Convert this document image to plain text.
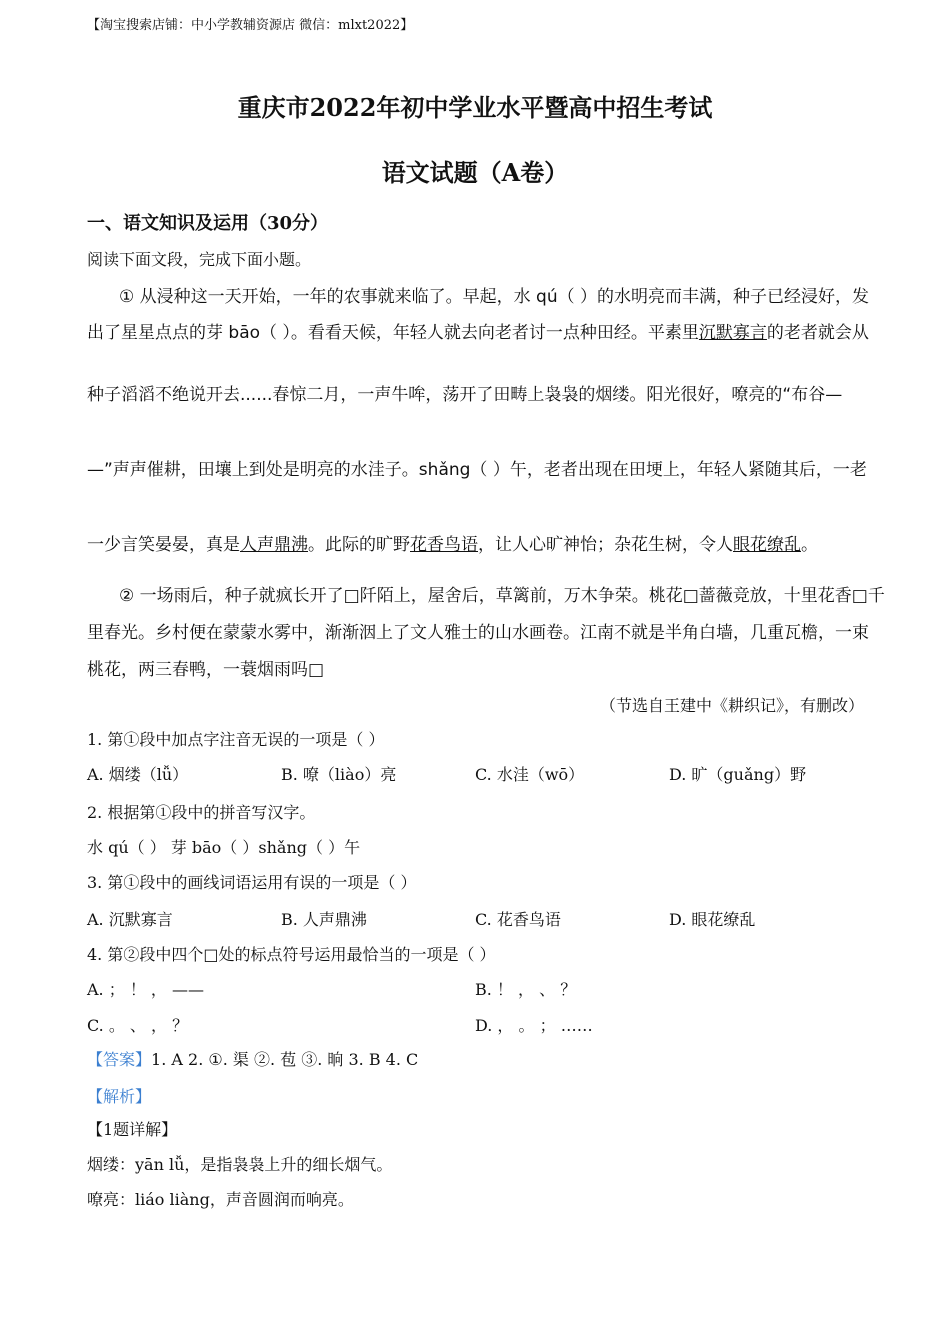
【淘宝搜索店铺：中小学教辅资源店 微信：mlxt2022】
重庆市2022年初中学业水平暨高中招生考试
语文试题（A卷）
一、语文知识及运用（30分）
阅读下面文段，完成下面小题。
① 从浸种这一天开始，一年的农事就来临了。早起，水 qú（ ）的水明亮而丰满，种子已经浸好，发
出了星星点点的芽 bāo（ ）。看看天候，年轻人就去向老者讨一点种田经。平素里沉默寡言的老者就会从
种子滔滔不绝说开去......春惊二月，一声牛哞，荡开了田畴上袅袅的烟缕。阳光很好，嘹亮的“布谷—
—”声声催耕，田壤上到处是明亮的水洼子。shǎng（ ）午，老者出现在田埂上，年轻人紧随其后，一老
一少言笑晏晏，真是人声鼎沸。此际的旷野花香鸟语，让人心旷神怡；杂花生树，令人眼花缭乱。
② 一场雨后，种子就疯长开了□阡陌上，屋舍后，草篱前，万木争荣。桃花□蔷薇竞放，十里花香□千
里春光。乡村便在蒙蒙水雾中，渐渐洇上了文人雅士的山水画卷。江南不就是半角白墙，几重瓦檐，一束
桃花，两三春鸭，一蓑烟雨吗□
（节选自王建中《耕织记》，有删改）
1. 第①段中加点字注音无误的一项是（ ）
A. 烟缕（lǚ）	B. 嘹（liào）亮	C. 水洼（wō）	D. 旷（guǎng）野
2. 根据第①段中的拼音写汉字。
水 qú（ ） 芽 bāo（ ）shǎng（ ）午
3. 第①段中的画线词语运用有误的一项是（ ）
A. 沉默寡言	B. 人声鼎沸	C. 花香鸟语	D. 眼花缭乱
4. 第②段中四个□处的标点符号运用最恰当的一项是（ ）
A. ； ！ ， ——	B. ！ ， 、 ？
C. 。 、 ， ？	D. ， 。 ； ……
【答案】1. A 2. ①. 渠 ②. 苞 ③. 晌 3. B 4. C
【解析】
【1题详解】
烟缕：yān lǚ，是指袅袅上升的细长烟气。
嘹亮：liáo liàng，声音圆润而响亮。
